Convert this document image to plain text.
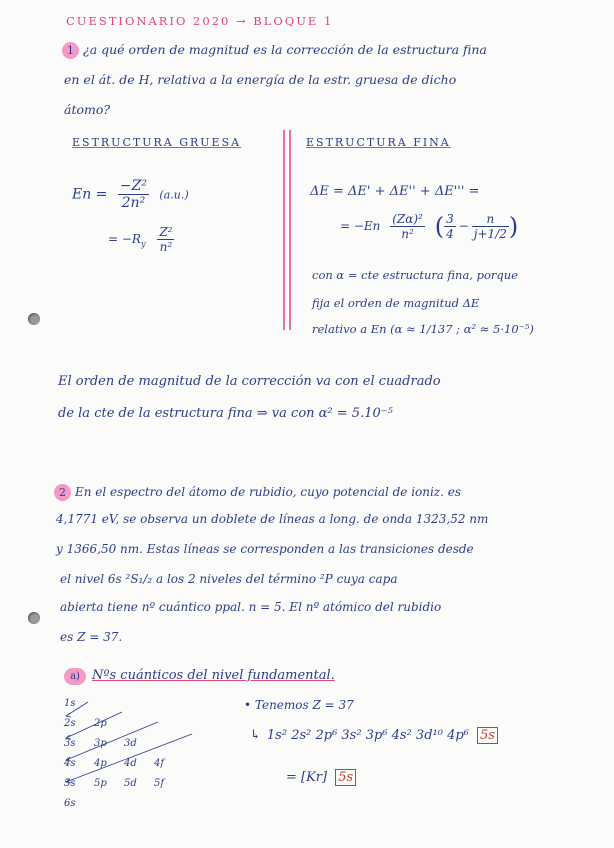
CUESTIONARIO 2020 → BLOQUE 1
1 ¿a qué orden de magnitud es la corrección de la estructura fina
en el át. de H, relativa a la energía de la estr. gruesa de dicho
átomo?
ESTRUCTURA GRUESA
$En = \frac{\text{−Z²}}{\text{2n²}} (a.u.)$
= $-R_y \frac{\text{Z²}}{\text{n²}}$
ESTRUCTURA FINA
ΔE = ΔE' + ΔE'' + ΔE''' =
= $-En \frac{\text{(Zα)²}}{\text{n²}}$ ( $\frac{3}{4} - \frac{n}{j+1/2}$ )
con α = cte estructura fina, porque
fija el orden de magnitud ΔE
relativo a En (α ≈ 1/137 ; α² ≈ 5·10⁻⁵)
El orden de magnitud de la corrección va con el cuadrado
de la cte de la estructura fina ⇒ va con α² = 5.10⁻⁵
2 En el espectro del átomo de rubidio, cuyo potencial de ioniz. es
4,1771 eV, se observa un doblete de líneas a long. de onda 1323,52 nm
y 1366,50 nm. Estas líneas se corresponden a las transiciones desde
el nivel 6s ²S₁/₂ a los 2 niveles del término ²P cuya capa
abierta tiene nº cuántico ppal. n = 5. El nº atómico del rubidio
es Z = 37.
a) Nºs cuánticos del nivel fundamental.
• Tenemos Z = 37
↳ 1s² 2s² 2p⁶ 3s² 3p⁶ 4s² 3d¹⁰ 4p⁶ 5s
= [Kr] 5s
1s
2s 2p
3s 3p 3d
4s 4p 4d 4f
5s 5p 5d 5f
6s
